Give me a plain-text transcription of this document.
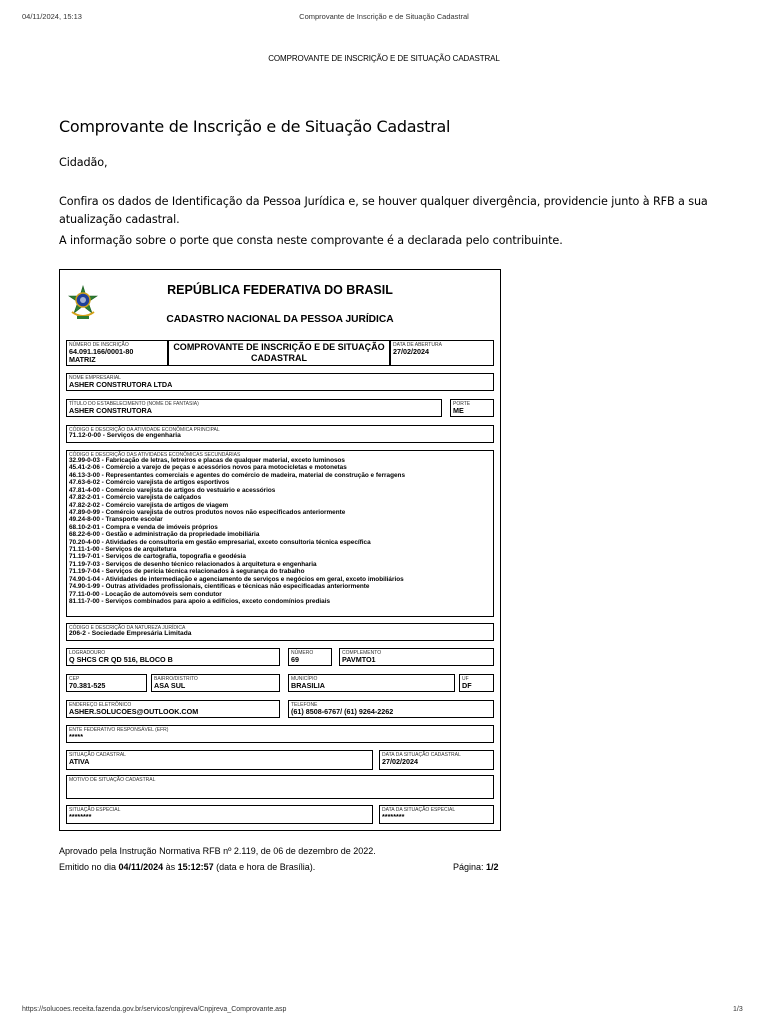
04/11/2024, 15:13	Comprovante de Inscrição e de Situação Cadastral
COMPROVANTE DE INSCRIÇÃO E DE SITUAÇÃO CADASTRAL
Comprovante de Inscrição e de Situação Cadastral
Cidadão,
Confira os dados de Identificação da Pessoa Jurídica e, se houver qualquer divergência, providencie junto à RFB a sua atualização cadastral.
A informação sobre o porte que consta neste comprovante é a declarada pelo contribuinte.
REPÚBLICA FEDERATIVA DO BRASIL
CADASTRO NACIONAL DA PESSOA JURÍDICA
NÚMERO DE INSCRIÇÃO
64.091.166/0001-80
MATRIZ
COMPROVANTE DE INSCRIÇÃO E DE SITUAÇÃO CADASTRAL
DATA DE ABERTURA
27/02/2024
NOME EMPRESARIAL
ASHER CONSTRUTORA LTDA
TÍTULO DO ESTABELECIMENTO (NOME DE FANTASIA)
ASHER CONSTRUTORA
PORTE
ME
CÓDIGO E DESCRIÇÃO DA ATIVIDADE ECONÔMICA PRINCIPAL
71.12-0-00 - Serviços de engenharia
CÓDIGO E DESCRIÇÃO DAS ATIVIDADES ECONÔMICAS SECUNDÁRIAS
32.99-0-03 - Fabricação de letras, letreiros e placas de qualquer material, exceto luminosos
45.41-2-06 - Comércio a varejo de peças e acessórios novos para motocicletas e motonetas
46.13-3-00 - Representantes comerciais e agentes do comércio de madeira, material de construção e ferragens
47.63-6-02 - Comércio varejista de artigos esportivos
47.81-4-00 - Comércio varejista de artigos do vestuário e acessórios
47.82-2-01 - Comércio varejista de calçados
47.82-2-02 - Comércio varejista de artigos de viagem
47.89-0-99 - Comércio varejista de outros produtos novos não especificados anteriormente
49.24-8-00 - Transporte escolar
68.10-2-01 - Compra e venda de imóveis próprios
68.22-6-00 - Gestão e administração da propriedade imobiliária
70.20-4-00 - Atividades de consultoria em gestão empresarial, exceto consultoria técnica específica
71.11-1-00 - Serviços de arquitetura
71.19-7-01 - Serviços de cartografia, topografia e geodésia
71.19-7-03 - Serviços de desenho técnico relacionados à arquitetura e engenharia
71.19-7-04 - Serviços de perícia técnica relacionados à segurança do trabalho
74.90-1-04 - Atividades de intermediação e agenciamento de serviços e negócios em geral, exceto imobiliários
74.90-1-99 - Outras atividades profissionais, científicas e técnicas não especificadas anteriormente
77.11-0-00 - Locação de automóveis sem condutor
81.11-7-00 - Serviços combinados para apoio a edifícios, exceto condomínios prediais
CÓDIGO E DESCRIÇÃO DA NATUREZA JURÍDICA
206-2 - Sociedade Empresária Limitada
LOGRADOURO
Q SHCS CR QD 516, BLOCO B
NÚMERO
69
COMPLEMENTO
PAVMTO1
CEP
70.381-525
BAIRRO/DISTRITO
ASA SUL
MUNICÍPIO
BRASILIA
UF
DF
ENDEREÇO ELETRÔNICO
ASHER.SOLUCOES@OUTLOOK.COM
TELEFONE
(61) 8508-6767/ (61) 9264-2262
ENTE FEDERATIVO RESPONSÁVEL (EFR)
*****
SITUAÇÃO CADASTRAL
ATIVA
DATA DA SITUAÇÃO CADASTRAL
27/02/2024
MOTIVO DE SITUAÇÃO CADASTRAL
SITUAÇÃO ESPECIAL
********
DATA DA SITUAÇÃO ESPECIAL
********
Aprovado pela Instrução Normativa RFB nº 2.119, de 06 de dezembro de 2022.
Emitido no dia 04/11/2024 às 15:12:57 (data e hora de Brasília).	Página: 1/2
https://solucoes.receita.fazenda.gov.br/servicos/cnpjreva/Cnpjreva_Comprovante.asp	1/3
